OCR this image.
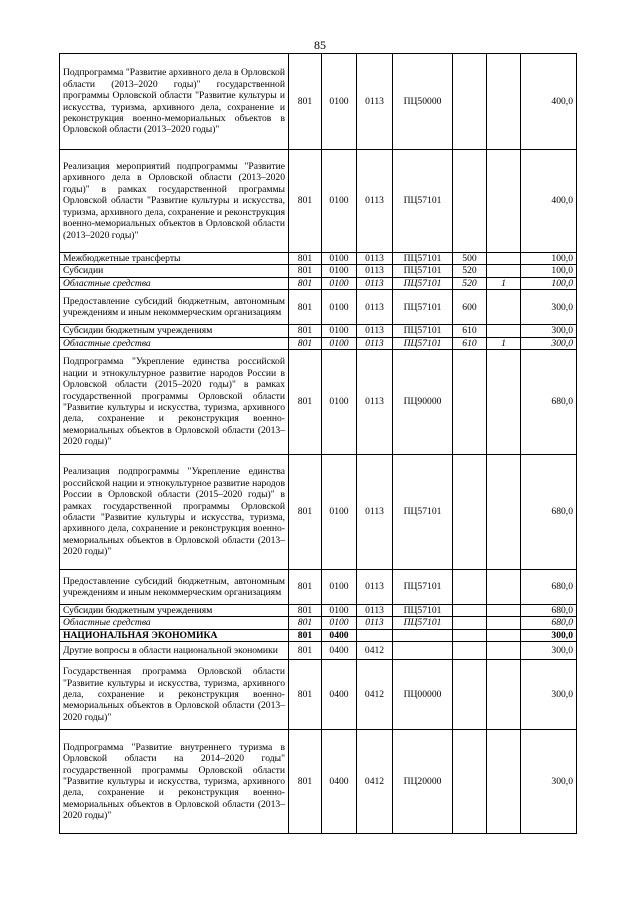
85
Подпрограмма "Развитие архивного дела в Орловской области (2013–2020 годы)" государственной программы Орловской области "Развитие культуры и искусства, туризма, архивного дела, сохранение и реконструкция военно-мемориальных объектов в Орловской области (2013–2020 годы)"	801	0100	0113	ПЦ50000			400,0
Реализация мероприятий подпрограммы "Развитие архивного дела в Орловской области (2013–2020 годы)" в рамках государственной программы Орловской области "Развитие культуры и искусства, туризма, архивного дела, сохранение и реконструкция военно-мемориальных объектов в Орловской области (2013–2020 годы)"	801	0100	0113	ПЦ57101			400,0
Межбюджетные трансферты	801	0100	0113	ПЦ57101	500		100,0
Субсидии	801	0100	0113	ПЦ57101	520		100,0
Областные средства	801	0100	0113	ПЦ57101	520	1	100,0
Предоставление субсидий бюджетным, автономным учреждениям и иным некоммерческим организациям	801	0100	0113	ПЦ57101	600		300,0
Субсидии бюджетным учреждениям	801	0100	0113	ПЦ57101	610		300,0
Областные средства	801	0100	0113	ПЦ57101	610	1	300,0
Подпрограмма "Укрепление единства российской нации и этнокультурное развитие народов России в Орловской области (2015–2020 годы)" в рамках государственной программы Орловской области "Развитие культуры и искусства, туризма, архивного дела, сохранение и реконструкция военно-мемориальных объектов в Орловской области (2013–2020 годы)"	801	0100	0113	ПЦ90000			680,0
Реализация подпрограммы "Укрепление единства российской нации и этнокультурное развитие народов России в Орловской области (2015–2020 годы)" в рамках государственной программы Орловской области "Развитие культуры и искусства, туризма, архивного дела, сохранение и реконструкция военно-мемориальных объектов в Орловской области (2013–2020 годы)"	801	0100	0113	ПЦ57101			680,0
Предоставление субсидий бюджетным, автономным учреждениям и иным некоммерческим организациям	801	0100	0113	ПЦ57101			680,0
Субсидии бюджетным учреждениям	801	0100	0113	ПЦ57101			680,0
Областные средства	801	0100	0113	ПЦ57101			680,0
НАЦИОНАЛЬНАЯ ЭКОНОМИКА	801	0400					300,0
Другие вопросы в области национальной экономики	801	0400	0412				300,0
Государственная программа Орловской области "Развитие культуры и искусства, туризма, архивного дела, сохранение и реконструкция военно-мемориальных объектов в Орловской области (2013–2020 годы)"	801	0400	0412	ПЦ00000			300,0
Подпрограмма "Развитие внутреннего туризма в Орловской области на 2014–2020 годы" государственной программы Орловской области "Развитие культуры и искусства, туризма, архивного дела, сохранение и реконструкция военно-мемориальных объектов в Орловской области (2013–2020 годы)"	801	0400	0412	ПЦ20000			300,0
